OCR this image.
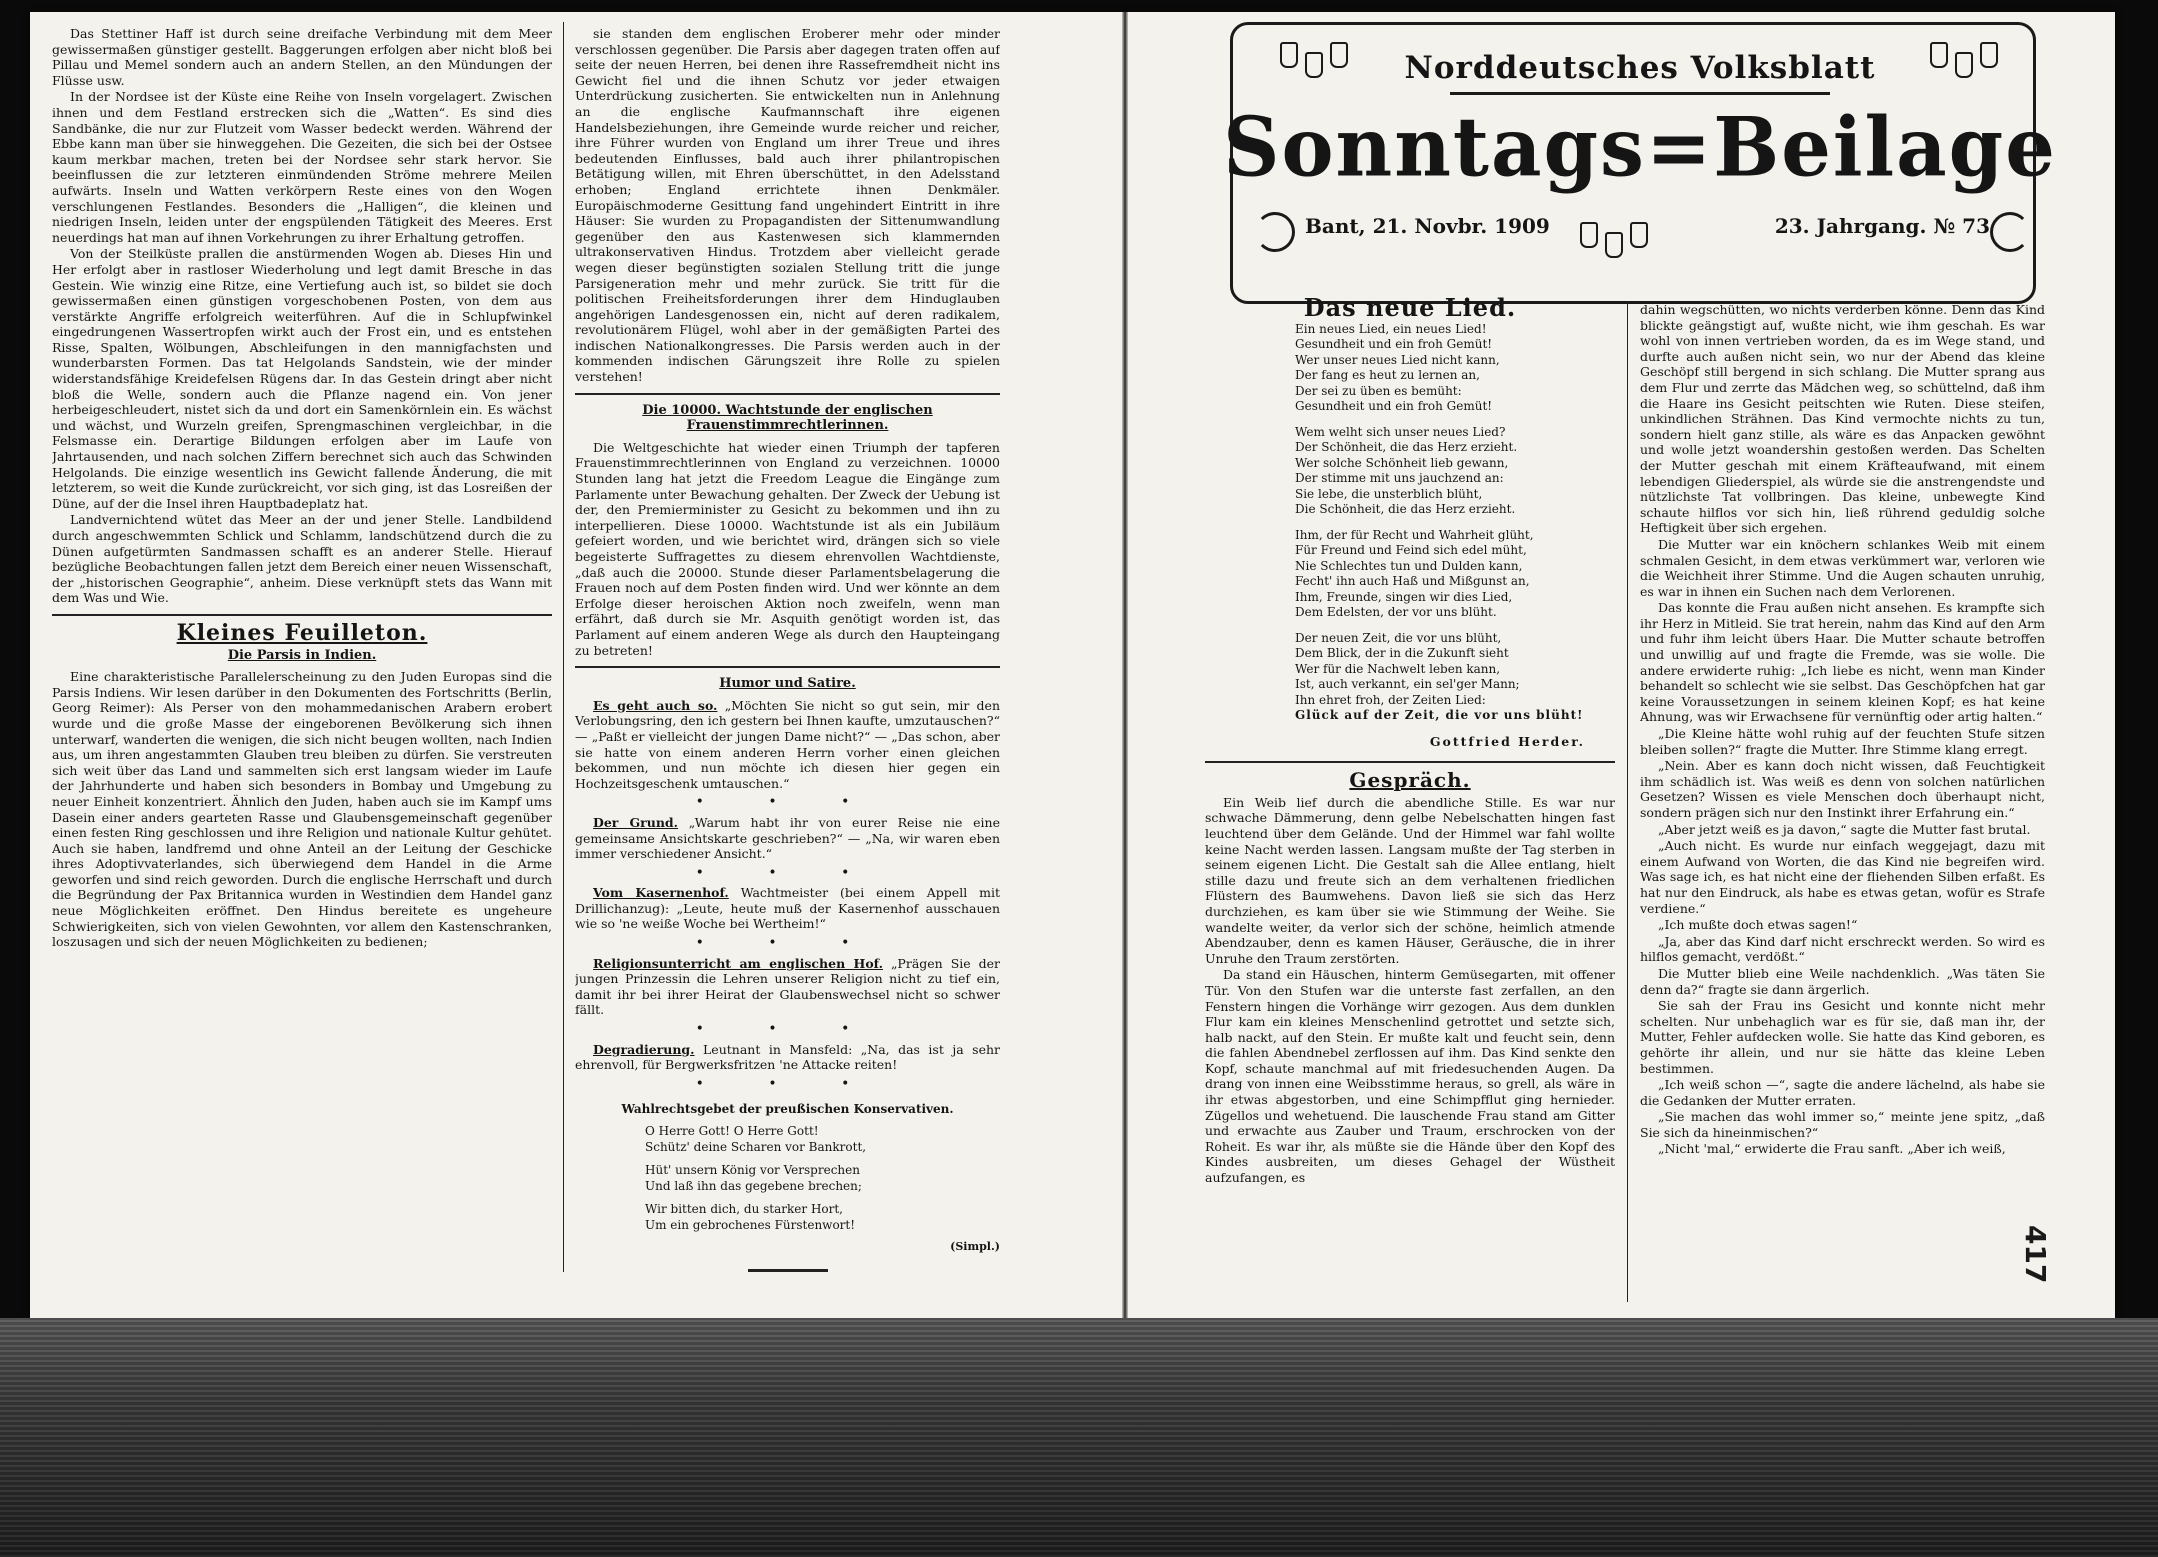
Das Stettiner Haff ist durch seine dreifache Verbindung mit dem Meer gewissermaßen günstiger gestellt. Baggerungen erfolgen aber nicht bloß bei Pillau und Memel sondern auch an andern Stellen, an den Mündungen der Flüsse usw.

In der Nordsee ist der Küste eine Reihe von Inseln vorgelagert. Zwischen ihnen und dem Festland erstrecken sich die „Watten“. Es sind dies Sandbänke, die nur zur Flutzeit vom Wasser bedeckt werden. Während der Ebbe kann man über sie hinweggehen. Die Gezeiten, die sich bei der Ostsee kaum merkbar machen, treten bei der Nordsee sehr stark hervor. Sie beeinflussen die zur letzteren einmündenden Ströme mehrere Meilen aufwärts. Inseln und Watten verkörpern Reste eines von den Wogen verschlungenen Festlandes. Besonders die „Halligen“, die kleinen und niedrigen Inseln, leiden unter der engspülenden Tätigkeit des Meeres. Erst neuerdings hat man auf ihnen Vorkehrungen zu ihrer Erhaltung getroffen.

Von der Steilküste prallen die anstürmenden Wogen ab. Dieses Hin und Her erfolgt aber in rastloser Wiederholung und legt damit Bresche in das Gestein. Wie winzig eine Ritze, eine Vertiefung auch ist, so bildet sie doch gewissermaßen einen günstigen vorgeschobenen Posten, von dem aus verstärkte Angriffe erfolgreich weiterführen. Auf die in Schlupfwinkel eingedrungenen Wassertropfen wirkt auch der Frost ein, und es entstehen Risse, Spalten, Wölbungen, Abschleifungen in den mannigfachsten und wunderbarsten Formen. Das tat Helgolands Sandstein, wie der minder widerstandsfähige Kreidefelsen Rügens dar. In das Gestein dringt aber nicht bloß die Welle, sondern auch die Pflanze nagend ein. Von jener herbeigeschleudert, nistet sich da und dort ein Samenkörnlein ein. Es wächst und wächst, und Wurzeln greifen, Sprengmaschinen vergleichbar, in die Felsmasse ein. Derartige Bildungen erfolgen aber im Laufe von Jahrtausenden, und nach solchen Ziffern berechnet sich auch das Schwinden Helgolands. Die einzige wesentlich ins Gewicht fallende Änderung, die mit letzterem, so weit die Kunde zurückreicht, vor sich ging, ist das Losreißen der Düne, auf der die Insel ihren Hauptbadeplatz hat.

Landvernichtend wütet das Meer an der und jener Stelle. Landbildend durch angeschwemmten Schlick und Schlamm, landschützend durch die zu Dünen aufgetürmten Sandmassen schafft es an anderer Stelle. Hierauf bezügliche Beobachtungen fallen jetzt dem Bereich einer neuen Wissenschaft, der „historischen Geographie“, anheim. Diese verknüpft stets das Wann mit dem Was und Wie.

Kleines Feuilleton.
Die Parsis in Indien.

Eine charakteristische Parallelerscheinung zu den Juden Europas sind die Parsis Indiens. Wir lesen darüber in den Dokumenten des Fortschritts (Berlin, Georg Reimer): Als Perser von den mohammedanischen Arabern erobert wurde und die große Masse der eingeborenen Bevölkerung sich ihnen unterwarf, wanderten die wenigen, die sich nicht beugen wollten, nach Indien aus, um ihren angestammten Glauben treu bleiben zu dürfen. Sie verstreuten sich weit über das Land und sammelten sich erst langsam wieder im Laufe der Jahrhunderte und haben sich besonders in Bombay und Umgebung zu neuer Einheit konzentriert. Ähnlich den Juden, haben auch sie im Kampf ums Dasein einer anders gearteten Rasse und Glaubensgemeinschaft gegenüber einen festen Ring geschlossen und ihre Religion und nationale Kultur gehütet. Auch sie haben, landfremd und ohne Anteil an der Leitung der Geschicke ihres Adoptivvaterlandes, sich überwiegend dem Handel in die Arme geworfen und sind reich geworden. Durch die englische Herrschaft und durch die Begründung der Pax Britannica wurden in Westindien dem Handel ganz neue Möglichkeiten eröffnet. Den Hindus bereitete es ungeheure Schwierigkeiten, sich von vielen Gewohnten, vor allem den Kastenschranken, loszusagen und sich der neuen Möglichkeiten zu bedienen;

sie standen dem englischen Eroberer mehr oder minder verschlossen gegenüber. Die Parsis aber dagegen traten offen auf seite der neuen Herren, bei denen ihre Rassefremdheit nicht ins Gewicht fiel und die ihnen Schutz vor jeder etwaigen Unterdrückung zusicherten. Sie entwickelten nun in Anlehnung an die englische Kaufmannschaft ihre eigenen Handelsbeziehungen, ihre Gemeinde wurde reicher und reicher, ihre Führer wurden von England um ihrer Treue und ihres bedeutenden Einflusses, bald auch ihrer philantropischen Betätigung willen, mit Ehren überschüttet, in den Adelsstand erhoben; England errichtete ihnen Denkmäler. Europäischmoderne Gesittung fand ungehindert Eintritt in ihre Häuser: Sie wurden zu Propagandisten der Sittenumwandlung gegenüber den aus Kastenwesen sich klammernden ultrakonservativen Hindus. Trotzdem aber vielleicht gerade wegen dieser begünstigten sozialen Stellung tritt die junge Parsigeneration mehr und mehr zurück. Sie tritt für die politischen Freiheitsforderungen ihrer dem Hinduglauben angehörigen Landesgenossen ein, nicht auf deren radikalem, revolutionärem Flügel, wohl aber in der gemäßigten Partei des indischen Nationalkongresses. Die Parsis werden auch in der kommenden indischen Gärungszeit ihre Rolle zu spielen verstehen!

Die 10000. Wachtstunde der englischen Frauenstimmrechtlerinnen.

Die Weltgeschichte hat wieder einen Triumph der tapferen Frauenstimmrechtlerinnen von England zu verzeichnen. 10000 Stunden lang hat jetzt die Freedom League die Eingänge zum Parlamente unter Bewachung gehalten. Der Zweck der Uebung ist der, den Premierminister zu Gesicht zu bekommen und ihn zu interpellieren. Diese 10000. Wachtstunde ist als ein Jubiläum gefeiert worden, und wie berichtet wird, drängen sich so viele begeisterte Suffragettes zu diesem ehrenvollen Wachtdienste, „daß auch die 20000. Stunde dieser Parlamentsbelagerung die Frauen noch auf dem Posten finden wird. Und wer könnte an dem Erfolge dieser heroischen Aktion noch zweifeln, wenn man erfährt, daß durch sie Mr. Asquith genötigt worden ist, das Parlament auf einem anderen Wege als durch den Haupteingang zu betreten!

Humor und Satire.

Es geht auch so. „Möchten Sie nicht so gut sein, mir den Verlobungsring, den ich gestern bei Ihnen kaufte, umzutauschen?“ — „Paßt er vielleicht der jungen Dame nicht?“ — „Das schon, aber sie hatte von einem anderen Herrn vorher einen gleichen bekommen, und nun möchte ich diesen hier gegen ein Hochzeitsgeschenk umtauschen.“

• • •

Der Grund. „Warum habt ihr von eurer Reise nie eine gemeinsame Ansichtskarte geschrieben?“ — „Na, wir waren eben immer verschiedener Ansicht.“

• • •

Vom Kasernenhof. Wachtmeister (bei einem Appell mit Drillichanzug): „Leute, heute muß der Kasernenhof ausschauen wie so 'ne weiße Woche bei Wertheim!“

• • •

Religionsunterricht am englischen Hof. „Prägen Sie der jungen Prinzessin die Lehren unserer Religion nicht zu tief ein, damit ihr bei ihrer Heirat der Glaubenswechsel nicht so schwer fällt.

• • •

Degradierung. Leutnant in Mansfeld: „Na, das ist ja sehr ehrenvoll, für Bergwerksfritzen 'ne Attacke reiten!

• • •
Wahlrechtsgebet der preußischen Konservativen.
O Herre Gott! O Herre Gott!
Schütz' deine Scharen vor Bankrott,
Hüt' unsern König vor Versprechen
Und laß ihn das gegebene brechen;
Wir bitten dich, du starker Hort,
Um ein gebrochenes Fürstenwort!
(Simpl.)
Norddeutsches Volksblatt
Sonntags=Beilage
Bant, 21. Novbr. 1909	23. Jahrgang. № 73
Das neue Lied.
Ein neues Lied, ein neues Lied!
Gesundheit und ein froh Gemüt!
Wer unser neues Lied nicht kann,
Der fang es heut zu lernen an,
Der sei zu üben es bemüht:
Gesundheit und ein froh Gemüt!
Wem welht sich unser neues Lied?
Der Schönheit, die das Herz erzieht.
Wer solche Schönheit lieb gewann,
Der stimme mit uns jauchzend an:
Sie lebe, die unsterblich blüht,
Die Schönheit, die das Herz erzieht.
Ihm, der für Recht und Wahrheit glüht,
Für Freund und Feind sich edel müht,
Nie Schlechtes tun und Dulden kann,
Fecht' ihn auch Haß und Mißgunst an,
Ihm, Freunde, singen wir dies Lied,
Dem Edelsten, der vor uns blüht.
Der neuen Zeit, die vor uns blüht,
Dem Blick, der in die Zukunft sieht
Wer für die Nachwelt leben kann,
Ist, auch verkannt, ein sel'ger Mann;
Ihn ehret froh, der Zeiten Lied:
Glück auf der Zeit, die vor uns blüht!
Gottfried Herder.
Gespräch.

Ein Weib lief durch die abendliche Stille. Es war nur schwache Dämmerung, denn gelbe Nebelschatten hingen fast leuchtend über dem Gelände. Und der Himmel war fahl wollte keine Nacht werden lassen. Langsam mußte der Tag sterben in seinem eigenen Licht. Die Gestalt sah die Allee entlang, hielt stille dazu und freute sich an dem verhaltenen friedlichen Flüstern des Baumwehens. Davon ließ sie sich das Herz durchziehen, es kam über sie wie Stimmung der Weihe. Sie wandelte weiter, da verlor sich der schöne, heimlich atmende Abendzauber, denn es kamen Häuser, Geräusche, die in ihrer Unruhe den Traum zerstörten.

Da stand ein Häuschen, hinterm Gemüsegarten, mit offener Tür. Von den Stufen war die unterste fast zerfallen, an den Fenstern hingen die Vorhänge wirr gezogen. Aus dem dunklen Flur kam ein kleines Menschenlind getrottet und setzte sich, halb nackt, auf den Stein. Er mußte kalt und feucht sein, denn die fahlen Abendnebel zerflossen auf ihm. Das Kind senkte den Kopf, schaute manchmal auf mit friedesuchenden Augen. Da drang von innen eine Weibsstimme heraus, so grell, als wäre in ihr etwas abgestorben, und eine Schimpfflut ging hernieder. Zügellos und wehetuend. Die lauschende Frau stand am Gitter und erwachte aus Zauber und Traum, erschrocken von der Roheit. Es war ihr, als müßte sie die Hände über den Kopf des Kindes ausbreiten, um dieses Gehagel der Wüstheit aufzufangen, es

dahin wegschütten, wo nichts verderben könne. Denn das Kind blickte geängstigt auf, wußte nicht, wie ihm geschah. Es war wohl von innen vertrieben worden, da es im Wege stand, und durfte auch außen nicht sein, wo nur der Abend das kleine Geschöpf still bergend in sich schlang. Die Mutter sprang aus dem Flur und zerrte das Mädchen weg, so schüttelnd, daß ihm die Haare ins Gesicht peitschten wie Ruten. Diese steifen, unkindlichen Strähnen. Das Kind vermochte nichts zu tun, sondern hielt ganz stille, als wäre es das Anpacken gewöhnt und wolle jetzt woandershin gestoßen werden. Das Schelten der Mutter geschah mit einem Kräfteaufwand, mit einem lebendigen Gliederspiel, als würde sie die anstrengendste und nützlichste Tat vollbringen. Das kleine, unbewegte Kind schaute hilflos vor sich hin, ließ rührend geduldig solche Heftigkeit über sich ergehen.

Die Mutter war ein knöchern schlankes Weib mit einem schmalen Gesicht, in dem etwas verkümmert war, verloren wie die Weichheit ihrer Stimme. Und die Augen schauten unruhig, es war in ihnen ein Suchen nach dem Verlorenen.

Das konnte die Frau außen nicht ansehen. Es krampfte sich ihr Herz in Mitleid. Sie trat herein, nahm das Kind auf den Arm und fuhr ihm leicht übers Haar. Die Mutter schaute betroffen und unwillig auf und fragte die Fremde, was sie wolle. Die andere erwiderte ruhig: „Ich liebe es nicht, wenn man Kinder behandelt so schlecht wie sie selbst. Das Geschöpfchen hat gar keine Voraussetzungen in seinem kleinen Kopf; es hat keine Ahnung, was wir Erwachsene für vernünftig oder artig halten.“

„Die Kleine hätte wohl ruhig auf der feuchten Stufe sitzen bleiben sollen?“ fragte die Mutter. Ihre Stimme klang erregt.

„Nein. Aber es kann doch nicht wissen, daß Feuchtigkeit ihm schädlich ist. Was weiß es denn von solchen natürlichen Gesetzen? Wissen es viele Menschen doch überhaupt nicht, sondern prägen sich nur den Instinkt ihrer Erfahrung ein.“

„Aber jetzt weiß es ja davon,“ sagte die Mutter fast brutal.

„Auch nicht. Es wurde nur einfach weggejagt, dazu mit einem Aufwand von Worten, die das Kind nie begreifen wird. Was sage ich, es hat nicht eine der fliehenden Silben erfaßt. Es hat nur den Eindruck, als habe es etwas getan, wofür es Strafe verdiene.“

„Ich mußte doch etwas sagen!“

„Ja, aber das Kind darf nicht erschreckt werden. So wird es hilflos gemacht, verdößt.“

Die Mutter blieb eine Weile nachdenklich. „Was täten Sie denn da?“ fragte sie dann ärgerlich.

Sie sah der Frau ins Gesicht und konnte nicht mehr schelten. Nur unbehaglich war es für sie, daß man ihr, der Mutter, Fehler aufdecken wolle. Sie hatte das Kind geboren, es gehörte ihr allein, und nur sie hätte das kleine Leben bestimmen.

„Ich weiß schon —“, sagte die andere lächelnd, als habe sie die Gedanken der Mutter erraten.

„Sie machen das wohl immer so,“ meinte jene spitz, „daß Sie sich da hineinmischen?“

„Nicht 'mal,“ erwiderte die Frau sanft. „Aber ich weiß,

417
